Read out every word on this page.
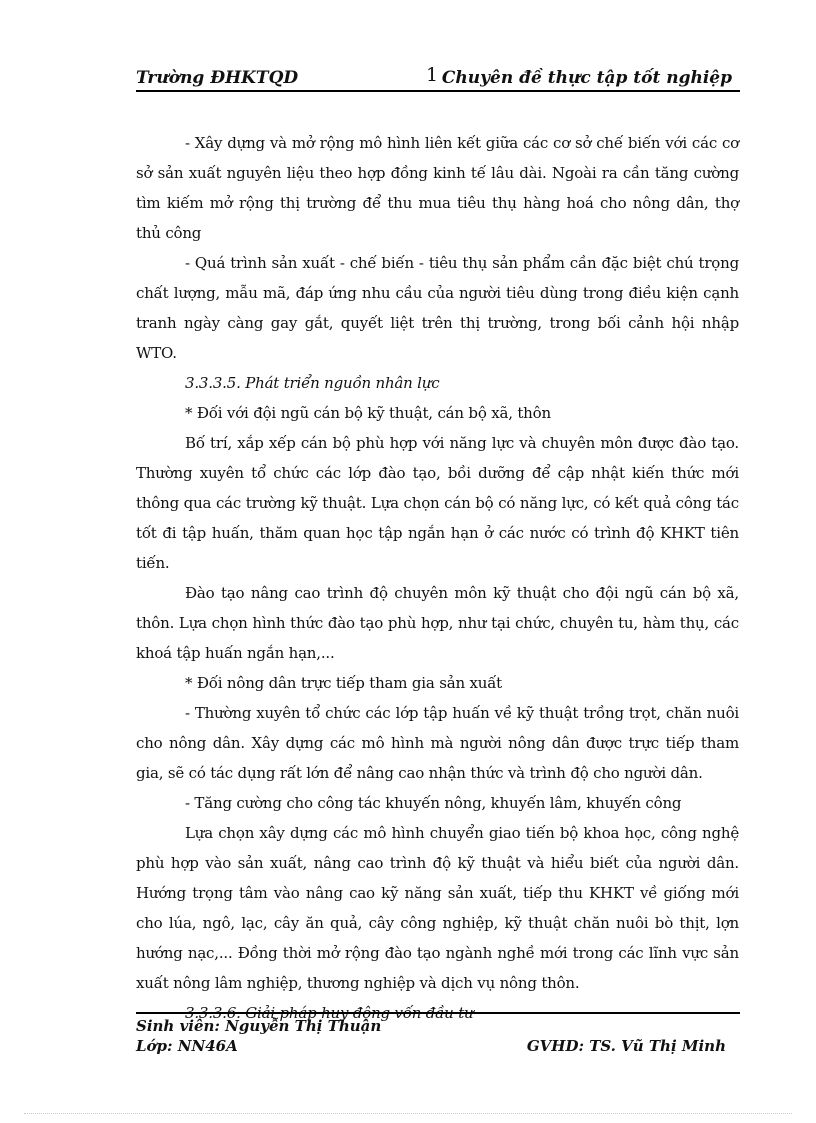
Trường ĐHKTQD	1 Chuyên đề thực tập tốt nghiệp

- Xây dựng và mở rộng mô hình liên kết giữa các cơ sở chế biến với các cơ sở sản xuất nguyên liệu theo hợp đồng kinh tế lâu dài. Ngoài ra cần tăng cường tìm kiếm mở rộng thị trường để thu mua tiêu thụ hàng hoá cho nông dân, thợ thủ công

- Quá trình sản xuất - chế biến - tiêu thụ sản phẩm cần đặc biệt chú trọng chất lượng, mẫu mã, đáp ứng nhu cầu của người tiêu dùng trong điều kiện cạnh tranh ngày càng gay gắt, quyết liệt trên thị trường, trong bối cảnh hội nhập WTO.

3.3.3.5. Phát triển nguồn nhân lực

* Đối với đội ngũ cán bộ kỹ thuật, cán bộ xã, thôn

Bố trí, xắp xếp cán bộ phù hợp với năng lực và chuyên môn được đào tạo. Thường xuyên tổ chức các lớp đào tạo, bồi dưỡng để cập nhật kiến thức mới thông qua các trường kỹ thuật. Lựa chọn cán bộ có năng lực, có kết quả công tác tốt đi tập huấn, thăm quan học tập ngắn hạn ở các nước có trình độ KHKT tiên tiến.

Đào tạo nâng cao trình độ chuyên môn kỹ thuật cho đội ngũ cán bộ xã, thôn. Lựa chọn hình thức đào tạo phù hợp, như tại chức, chuyên tu, hàm thụ, các khoá tập huấn ngắn hạn,...

* Đối nông dân trực tiếp tham gia sản xuất

- Thường xuyên tổ chức các lớp tập huấn về kỹ thuật trồng trọt, chăn nuôi cho nông dân. Xây dựng các mô hình mà người nông dân được trực tiếp tham gia, sẽ có tác dụng rất lớn để nâng cao nhận thức và trình độ cho người dân.

- Tăng cường cho công tác khuyến nông, khuyến lâm, khuyến công

Lựa chọn xây dựng các mô hình chuyển giao tiến bộ khoa học, công nghệ phù hợp vào sản xuất, nâng cao trình độ kỹ thuật và hiểu biết của người dân. Hướng trọng tâm vào nâng cao kỹ năng sản xuất, tiếp thu KHKT về giống mới cho lúa, ngô, lạc, cây ăn quả, cây công nghiệp, kỹ thuật chăn nuôi bò thịt, lợn hướng nạc,... Đồng thời mở rộng đào tạo ngành nghề mới trong các lĩnh vực sản xuất nông lâm nghiệp, thương nghiệp và dịch vụ nông thôn.

3.3.3.6. Giải pháp huy động vốn đầu tư

Sinh viên: Nguyễn Thị Thuận
Lớp: NN46A	GVHD: TS. Vũ Thị Minh
